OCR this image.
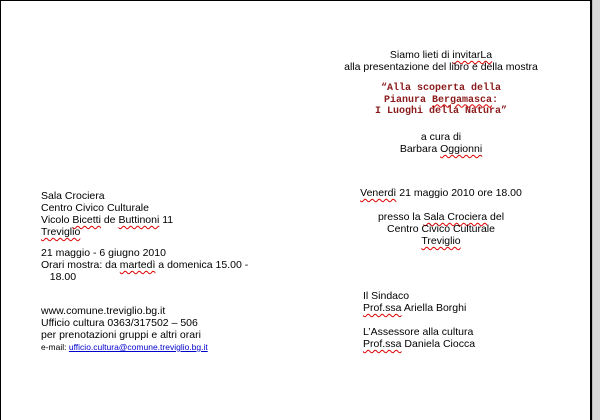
Siamo lieti di invitarLa
alla presentazione del libro e della mostra
“Alla scoperta della
Pianura Bergamasca:
I Luoghi della Natura”
a cura di
Barbara Oggionni
Venerdì 21 maggio 2010 ore 18.00
presso la Sala Crociera del
Centro Civico Culturale
Treviglio
Il Sindaco
Prof.ssa Ariella Borghi
L’Assessore alla cultura
Prof.ssa Daniela Ciocca
Sala Crociera
Centro Civico Culturale
Vicolo Bicetti de Buttinoni 11
Treviglio
21 maggio - 6 giugno 2010
Orari mostra: da martedì a domenica 15.00 -
18.00
www.comune.treviglio.bg.it
Ufficio cultura 0363/317502 – 506
per prenotazioni gruppi e altri orari
e-mail: ufficio.cultura@comune.treviglio.bg.it
